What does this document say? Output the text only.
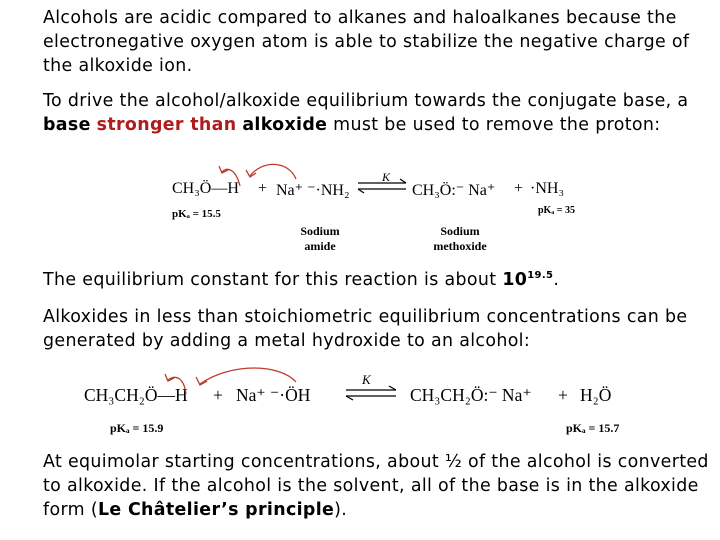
Alcohols are acidic compared to alkanes and haloalkanes because the electronegative oxygen atom is able to stabilize the negative charge of the alkoxide ion.

To drive the alcohol/alkoxide equilibrium towards the conjugate base, a base stronger than alkoxide must be used to remove the proton:

CH₃Ö—H + Na⁺ ⁻·NH₂
K
CH₃Ö:⁻ Na⁺ + ·NH₃
pKₐ = 15.5	pKₐ = 35
Sodium
amide
Sodium
methoxide

The equilibrium constant for this reaction is about $10^{19.5}$.

Alkoxides in less than stoichiometric equilibrium concentrations can be generated by adding a metal hydroxide to an alcohol:

CH₃CH₂Ö—H + Na⁺ ⁻·ÖH
K
CH₃CH₂Ö:⁻ Na⁺ + H₂Ö
pKₐ = 15.9	pKₐ = 15.7

At equimolar starting concentrations, about ½ of the alcohol is converted to alkoxide. If the alcohol is the solvent, all of the base is in the alkoxide form (Le Châtelier’s principle).
